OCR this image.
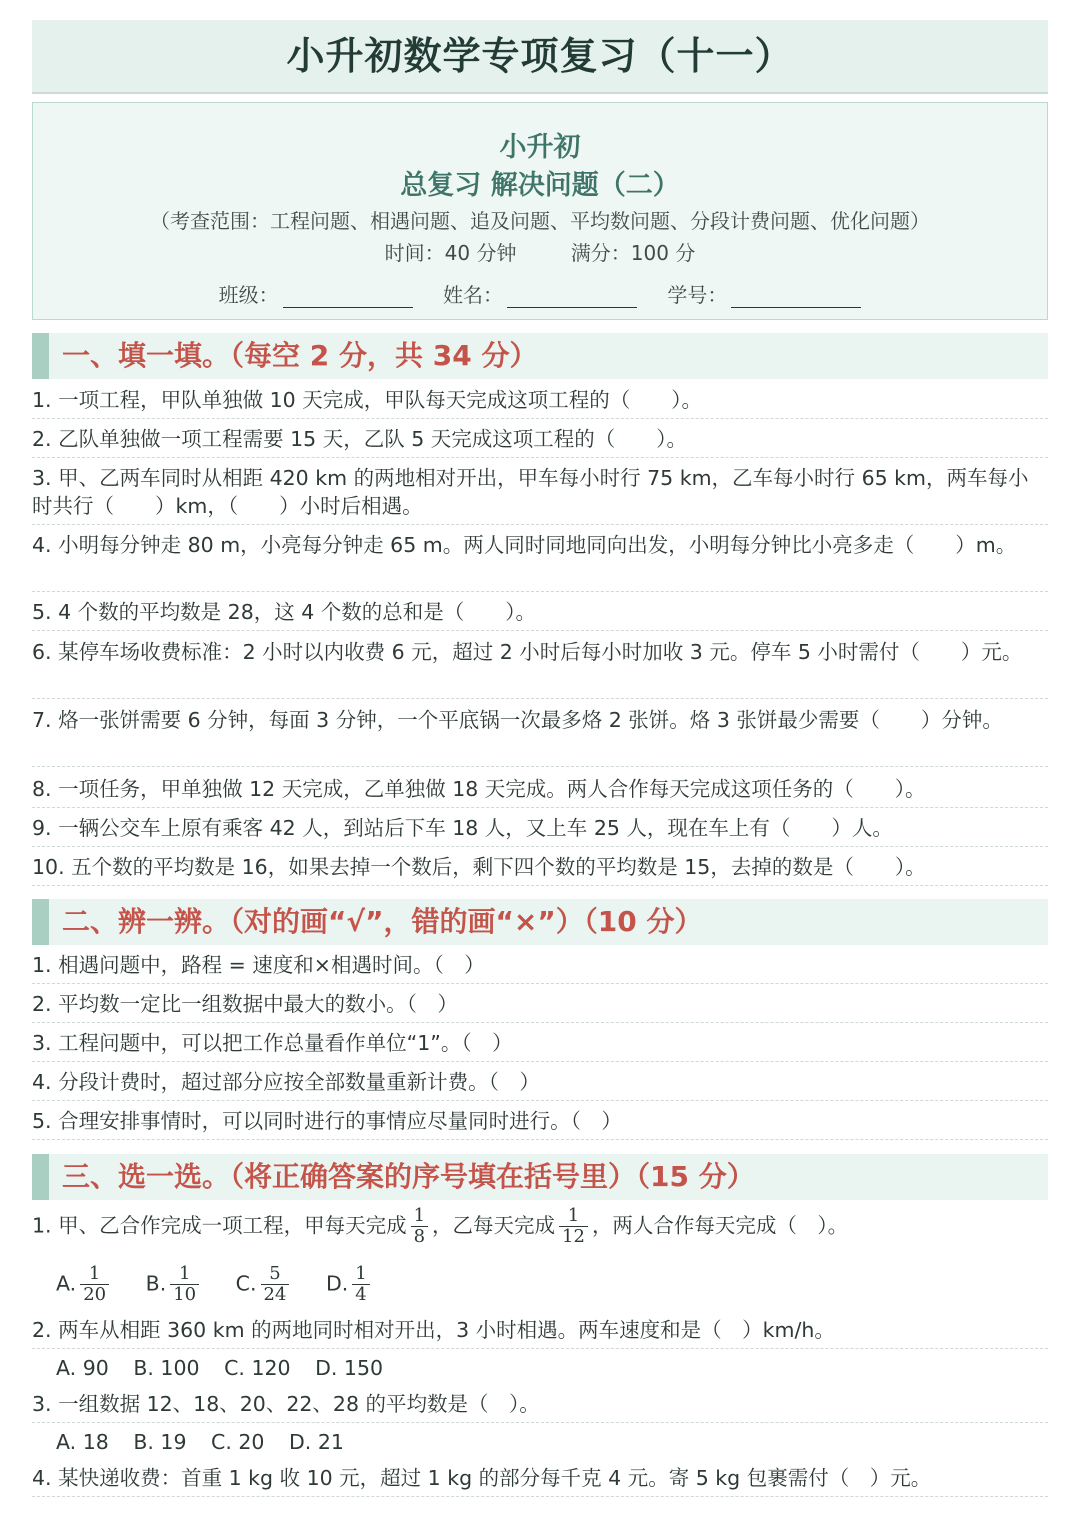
小升初数学专项复习（十一）
小升初
总复习 解决问题（二）
（考查范围：工程问题、相遇问题、追及问题、平均数问题、分段计费问题、优化问题）
时间：40 分钟	满分：100 分
班级：	姓名：	学号：
一、填一填。（每空 2 分，共 34 分）
1. 一项工程，甲队单独做 10 天完成，甲队每天完成这项工程的（　　）。
2. 乙队单独做一项工程需要 15 天，乙队 5 天完成这项工程的（　　）。
3. 甲、乙两车同时从相距 420 km 的两地相对开出，甲车每小时行 75 km，乙车每小时行 65 km，两车每小时共行（　　）km，（　　）小时后相遇。
4. 小明每分钟走 80 m，小亮每分钟走 65 m。两人同时同地同向出发，小明每分钟比小亮多走（　　）m。
5. 4 个数的平均数是 28，这 4 个数的总和是（　　）。
6. 某停车场收费标准：2 小时以内收费 6 元，超过 2 小时后每小时加收 3 元。停车 5 小时需付（　　）元。
7. 烙一张饼需要 6 分钟，每面 3 分钟，一个平底锅一次最多烙 2 张饼。烙 3 张饼最少需要（　　）分钟。
8. 一项任务，甲单独做 12 天完成，乙单独做 18 天完成。两人合作每天完成这项任务的（　　）。
9. 一辆公交车上原有乘客 42 人，到站后下车 18 人，又上车 25 人，现在车上有（　　）人。
10. 五个数的平均数是 16，如果去掉一个数后，剩下四个数的平均数是 15，去掉的数是（　　）。
二、辨一辨。（对的画“√”，错的画“×”）（10 分）
1. 相遇问题中，路程 = 速度和×相遇时间。（　）
2. 平均数一定比一组数据中最大的数小。（　）
3. 工程问题中，可以把工作总量看作单位“1”。（　）
4. 分段计费时，超过部分应按全部数量重新计费。（　）
5. 合理安排事情时，可以同时进行的事情应尽量同时进行。（　）
三、选一选。（将正确答案的序号填在括号里）（15 分）
1. 甲、乙合作完成一项工程，甲每天完成 $\frac{1}{8}$ ，乙每天完成 $\frac{1}{12}$ ，两人合作每天完成（　）。
A. $\frac{1}{20} B$. $\frac{1}{10} C$. $\frac{5}{24} D$. $\frac{1}{4}$
2. 两车从相距 360 km 的两地同时相对开出，3 小时相遇。两车速度和是（　）km/h。
A. 90 B. 100 C. 120 D. 150
3. 一组数据 12、18、20、22、28 的平均数是（　）。
A. 18 B. 19 C. 20 D. 21
4. 某快递收费：首重 1 kg 收 10 元，超过 1 kg 的部分每千克 4 元。寄 5 kg 包裹需付（　）元。
